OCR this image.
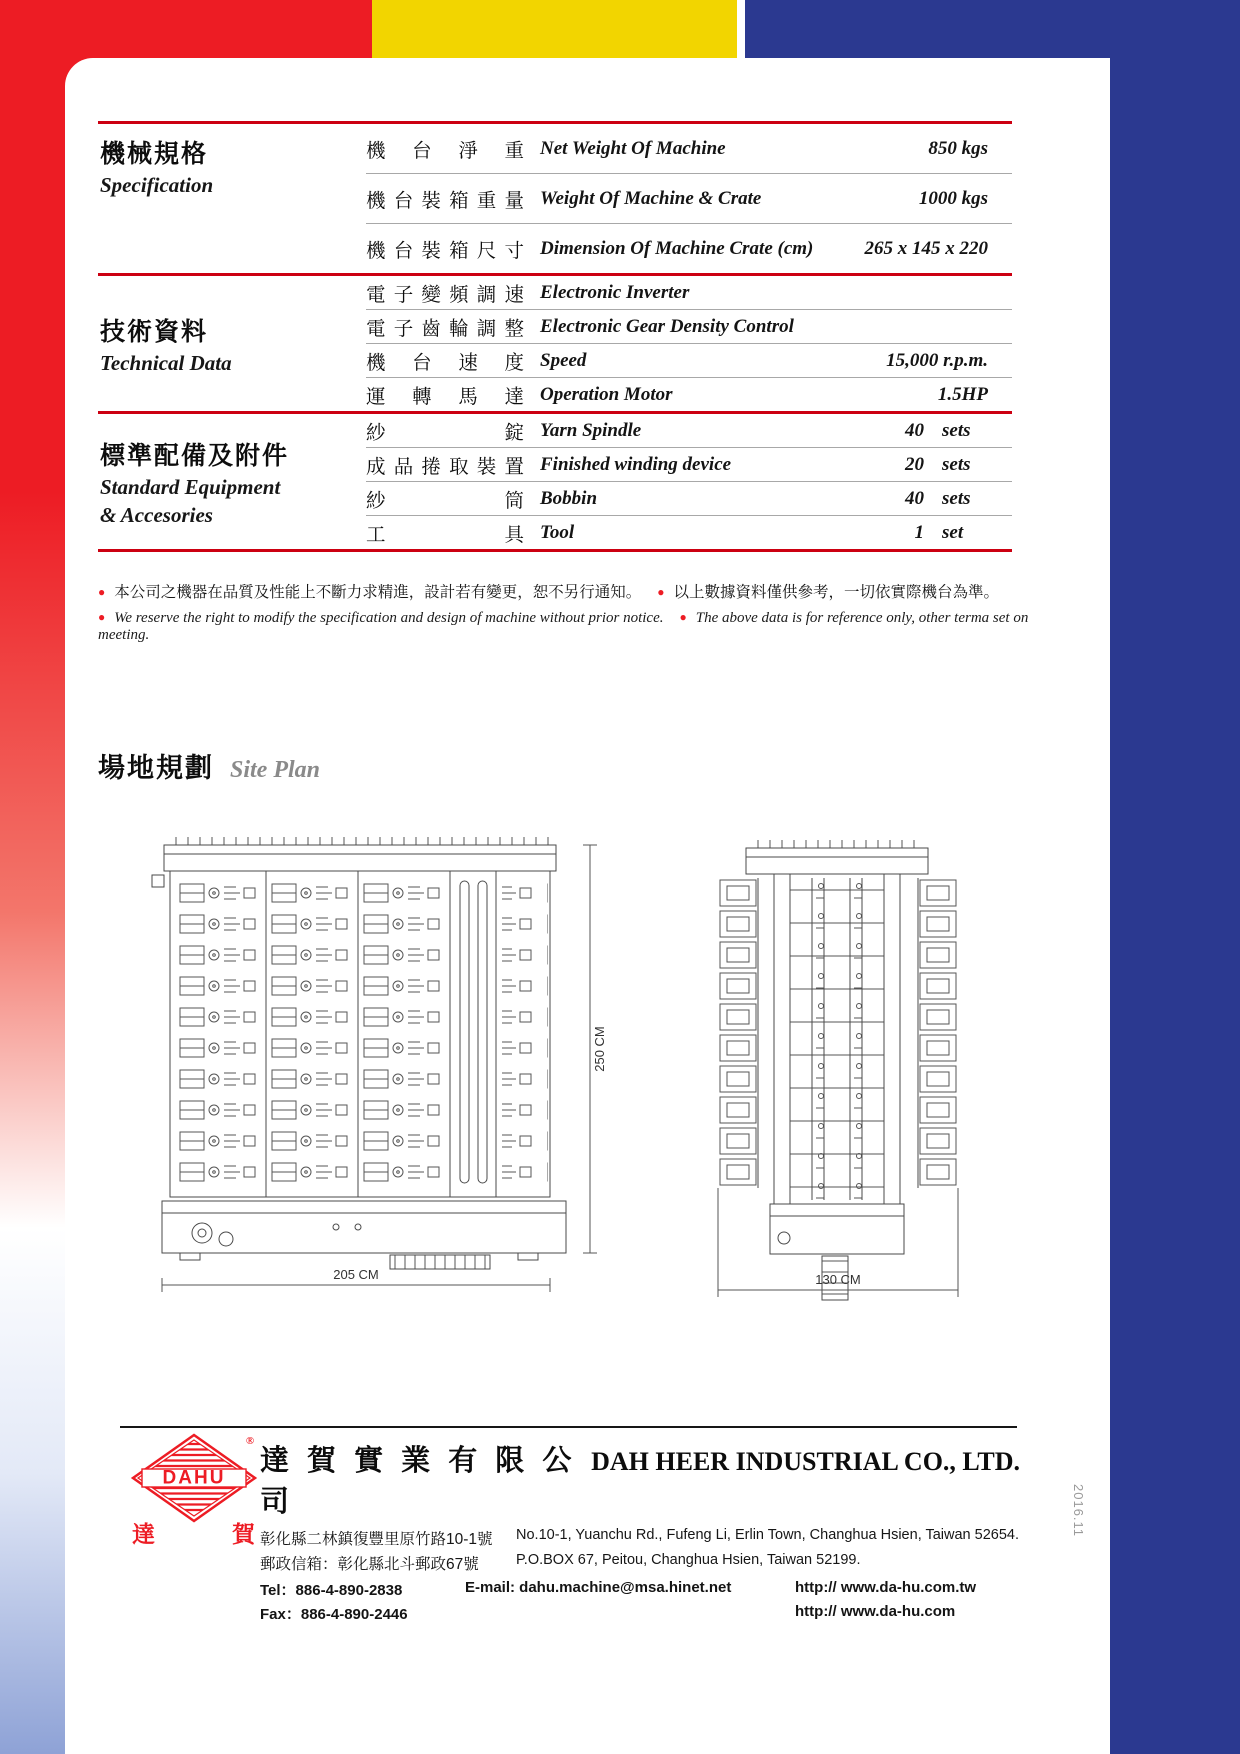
機械規格
Specification
機台淨重 Net Weight Of Machine	850 kgs
機台裝箱重量 Weight Of Machine & Crate	1000 kgs
機台裝箱尺寸 Dimension Of Machine Crate (cm)	265 x 145 x 220
技術資料
Technical Data
電子變頻調速 Electronic Inverter
電子齒輪調整 Electronic Gear Density Control
機台速度 Speed	15,000 r.p.m.
運轉馬達 Operation Motor	1.5HP
標準配備及附件
Standard Equipment
& Accesories
紗錠 Yarn Spindle	40 sets
成品捲取裝置 Finished winding device	20 sets
紗筒 Bobbin	40 sets
工具 Tool	1 set
● 本公司之機器在品質及性能上不斷力求精進，設計若有變更，恕不另行通知。 ● 以上數據資料僅供參考，一切依實際機台為準。
● We reserve the right to modify the specification and design of machine without prior notice. ● The above data is for reference only, other terma set on meeting.
場地規劃 Site Plan
205 CM
250 CM
130 CM
DAHU
®
達	賀
達 賀 實 業 有 限 公 司
DAH HEER INDUSTRIAL CO., LTD.
彰化縣二林鎮復豐里原竹路10-1號	No.10-1, Yuanchu Rd., Fufeng Li, Erlin Town, Changhua Hsien, Taiwan 52654.
郵政信箱：彰化縣北斗郵政67號	P.O.BOX 67, Peitou, Changhua Hsien, Taiwan 52199.
Tel：886-4-890-2838	E-mail: dahu.machine@msa.hinet.net	http:// www.da-hu.com.tw
Fax：886-4-890-2446	http:// www.da-hu.com
2016.11
